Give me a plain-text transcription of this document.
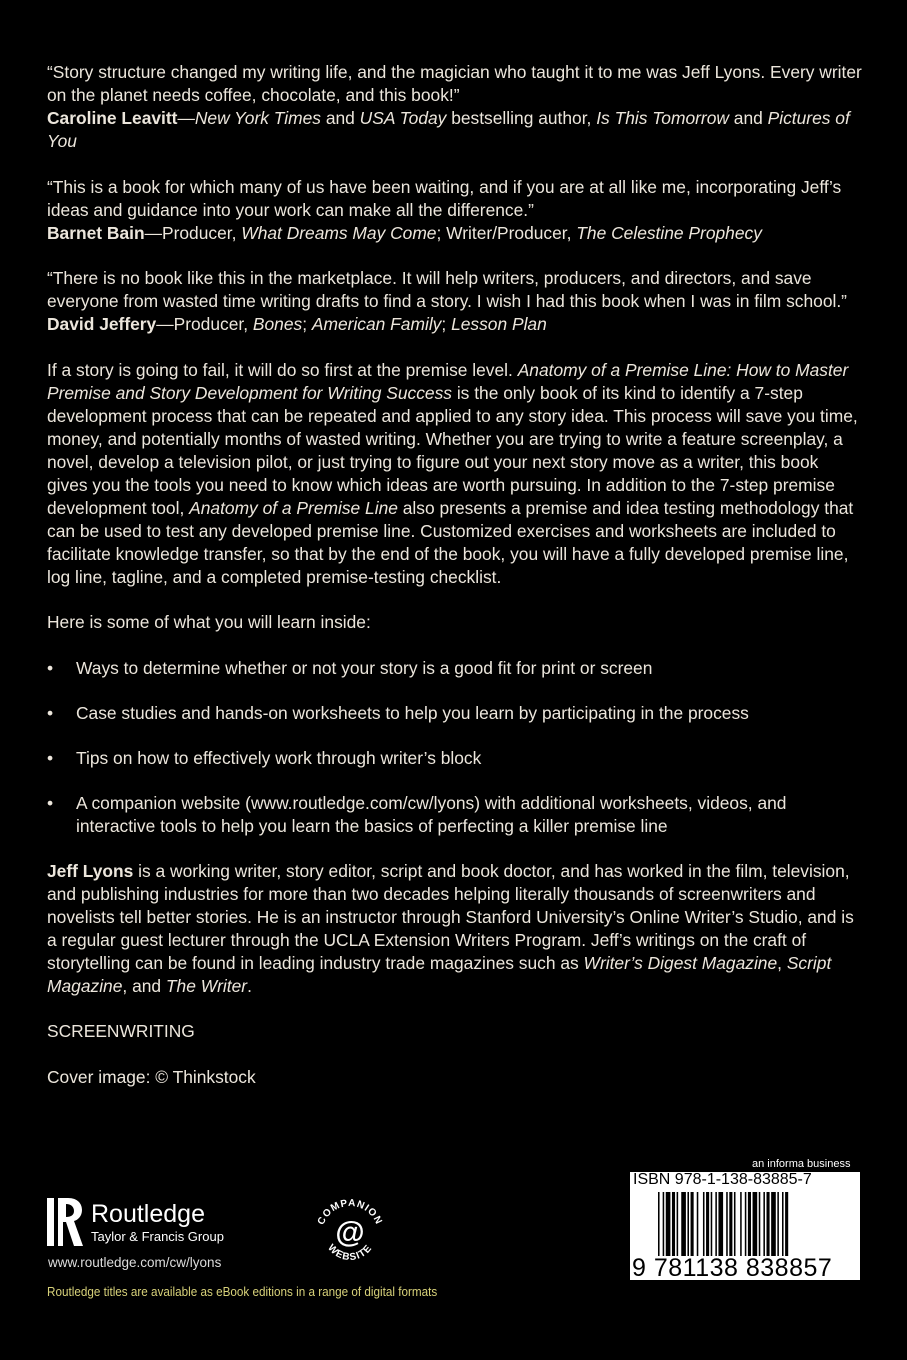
“Story structure changed my writing life, and the magician who taught it to me was Jeff Lyons. Every writer on the planet needs coffee, chocolate, and this book!”
Caroline Leavitt—New York Times and USA Today bestselling author, Is This Tomorrow and Pictures of You

“This is a book for which many of us have been waiting, and if you are at all like me, incorporating Jeff’s ideas and guidance into your work can make all the difference.”
Barnet Bain—Producer, What Dreams May Come; Writer/Producer, The Celestine Prophecy

“There is no book like this in the marketplace. It will help writers, producers, and directors, and save everyone from wasted time writing drafts to find a story. I wish I had this book when I was in film school.”
David Jeffery—Producer, Bones; American Family; Lesson Plan

If a story is going to fail, it will do so first at the premise level. Anatomy of a Premise Line: How to Master Premise and Story Development for Writing Success is the only book of its kind to identify a 7-step development process that can be repeated and applied to any story idea. This process will save you time, money, and potentially months of wasted writing. Whether you are trying to write a feature screenplay, a novel, develop a television pilot, or just trying to figure out your next story move as a writer, this book gives you the tools you need to know which ideas are worth pursuing. In addition to the 7-step premise development tool, Anatomy of a Premise Line also presents a premise and idea testing methodology that can be used to test any developed premise line. Customized exercises and worksheets are included to facilitate knowledge transfer, so that by the end of the book, you will have a fully developed premise line, log line, tagline, and a completed premise-testing checklist.

Here is some of what you will learn inside:

• Ways to determine whether or not your story is a good fit for print or screen
• Case studies and hands-on worksheets to help you learn by participating in the process
• Tips on how to effectively work through writer’s block
• A companion website (www.routledge.com/cw/lyons) with additional worksheets, videos, and interactive tools to help you learn the basics of perfecting a killer premise line

Jeff Lyons is a working writer, story editor, script and book doctor, and has worked in the film, television, and publishing industries for more than two decades helping literally thousands of screenwriters and novelists tell better stories. He is an instructor through Stanford University’s Online Writer’s Studio, and is a regular guest lecturer through the UCLA Extension Writers Program. Jeff’s writings on the craft of storytelling can be found in leading industry trade magazines such as Writer’s Digest Magazine, Script Magazine, and The Writer.

SCREENWRITING

Cover image: © Thinkstock

Routledge
Taylor & Francis Group
www.routledge.com/cw/lyons
Routledge titles are available as eBook editions in a range of digital formats
COMPANION
WEBSITE
@
an informa business
ISBN 978-1-138-83885-7
9 781138 838857
